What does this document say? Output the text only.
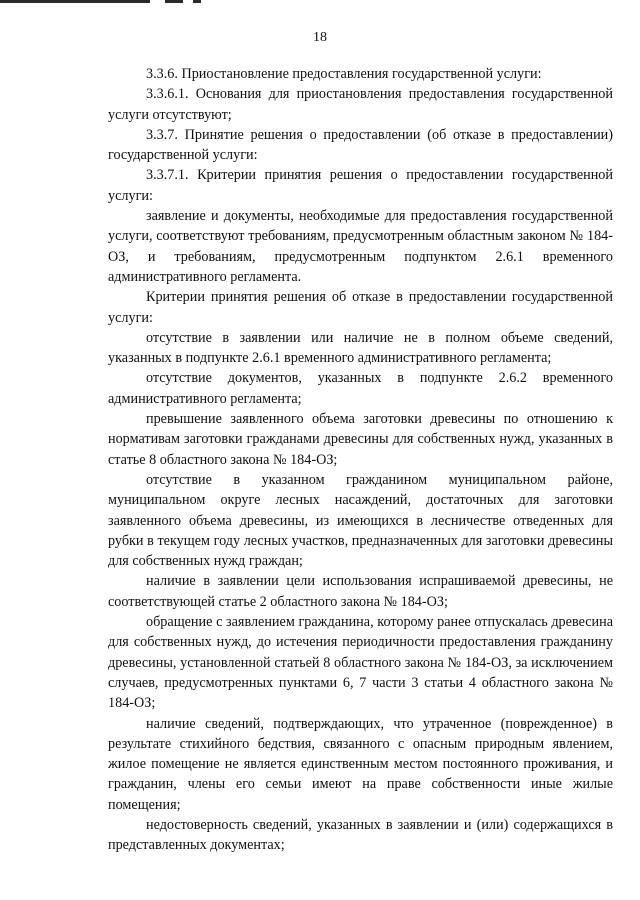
18

3.3.6. Приостановление предоставления государственной услуги:

3.3.6.1. Основания для приостановления предоставления государственной услуги отсутствуют;

3.3.7. Принятие решения о предоставлении (об отказе в предоставлении) государственной услуги:

3.3.7.1. Критерии принятия решения о предоставлении государственной услуги:

заявление и документы, необходимые для предоставления государственной услуги, соответствуют требованиям, предусмотренным областным законом № 184-ОЗ, и требованиям, предусмотренным подпунктом 2.6.1 временного административного регламента.

Критерии принятия решения об отказе в предоставлении государственной услуги:

отсутствие в заявлении или наличие не в полном объеме сведений, указанных в подпункте 2.6.1 временного административного регламента;

отсутствие документов, указанных в подпункте 2.6.2 временного административного регламента;

превышение заявленного объема заготовки древесины по отношению к нормативам заготовки гражданами древесины для собственных нужд, указанных в статье 8 областного закона № 184-ОЗ;

отсутствие в указанном гражданином муниципальном районе, муниципальном округе лесных насаждений, достаточных для заготовки заявленного объема древесины, из имеющихся в лесничестве отведенных для рубки в текущем году лесных участков, предназначенных для заготовки древесины для собственных нужд граждан;

наличие в заявлении цели использования испрашиваемой древесины, не соответствующей статье 2 областного закона № 184-ОЗ;

обращение с заявлением гражданина, которому ранее отпускалась древесина для собственных нужд, до истечения периодичности предоставления гражданину древесины, установленной статьей 8 областного закона № 184-ОЗ, за исключением случаев, предусмотренных пунктами 6, 7 части 3 статьи 4 областного закона № 184-ОЗ;

наличие сведений, подтверждающих, что утраченное (поврежденное) в результате стихийного бедствия, связанного с опасным природным явлением, жилое помещение не является единственным местом постоянного проживания, и гражданин, члены его семьи имеют на праве собственности иные жилые помещения;

недостоверность сведений, указанных в заявлении и (или) содержащихся в представленных документах;
